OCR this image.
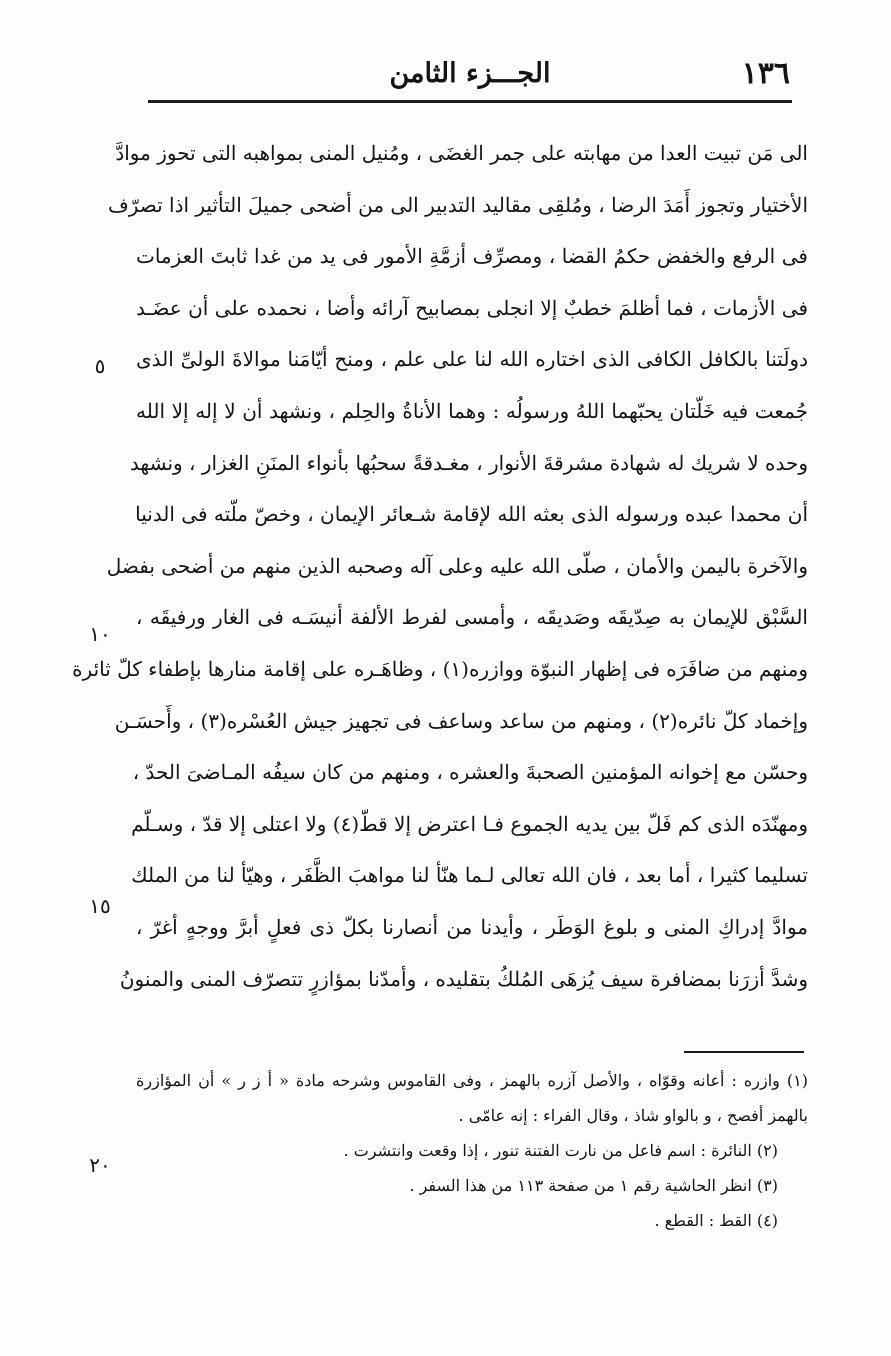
١٣٦
الجـــزء الثامن
الى مَن تبيت العدا من مهابته على جمر الغضَى ، ومُنيل المنى بمواهبه التى تحوز موادَّ
الأختيار وتجوز أَمَدَ الرضا ، ومُلقِى مقاليد التدبير الى من أضحى جميلَ التأثير اذا تصرّف
فى الرفع والخفض حكمُ القضا ، ومصرِّف أزمَّةِ الأمور فى يد من غدا ثابتَ العزمات
فى الأزمات ، فما أظلمَ خطبٌ إلا انجلى بمصابيح آرائه وأضا ، نحمده على أن عضَـد
دولَتنا بالكافل الكافى الذى اختاره الله لنا على علم ، ومنح أيّامَنا موالاةَ الولىِّ الذى
جُمعت فيه خَلّتان يحبّهما اللهُ ورسولُه : وهما الأناةُ والحِلم ، ونشهد أن لا إله إلا الله
وحده لا شريك له شهادة مشرقةَ الأنوار ، مغـدقةً سحبُها بأنواء المنَنِ الغزار ، ونشهد
أن محمدا عبده ورسوله الذى بعثه الله لإقامة شـعائر الإيمان ، وخصّ ملّته فى الدنيا
والآخرة باليمن والأمان ، صلّى الله عليه وعلى آله وصحبه الذين منهم من أضحى بفضل
السَّبْق للإيمان به صِدّيقَه وصَديقَه ، وأمسى لفرط الألفة أنيسَـه فى الغار ورفيقَه ،
ومنهم من ضافَرَه فى إظهار النبوّة ووازره(١) ، وظاهَـره على إقامة منارها بإطفاء كلّ ثائرة
وإخماد كلّ نائره(٢) ، ومنهم من ساعد وساعف فى تجهيز جيش العُسْره(٣) ، وأَحسَـن
وحسّن مع إخوانه المؤمنين الصحبةَ والعشره ، ومنهم من كان سيفُه المـاضىَ الحدّ ،
ومهنّدَه الذى كم فَلّ بين يديه الجموع فـا اعترض إلا قطّ(٤) ولا اعتلى إلا قدّ ، وسـلّم
تسليما كثيرا ، أما بعد ، فان الله تعالى لـما هنّأ لنا مواهبَ الظَّفَر ، وهيّأ لنا من الملك
موادَّ إدراكِ المنى و بلوغ الوَطَر ، وأيدنا من أنصارنا بكلّ ذى فعلٍ أبرَّ ووجهٍ أغرّ ،
وشدَّ أزرَنا بمضافرة سيف يُزهَى المُلكُ بتقليده ، وأمدّنا بمؤازرٍ تتصرّف المنى والمنونُ
٥
١٠
١٥
٢٠
(١) وازره : أعانه وقوّاه ، والأصل آزره بالهمز ، وفى القاموس وشرحه مادة « أ ز ر » أن المؤازرة
بالهمز أفصح ، و بالواو شاذ ، وقال الفراء : إنه عامّى .
(٢) النائرة : اسم فاعل من نارت الفتنة تنور ، إذا وقعت وانتشرت .
(٣) انظر الحاشية رقم ١ من صفحة ١١٣ من هذا السفر .
(٤) القط : القطع .
